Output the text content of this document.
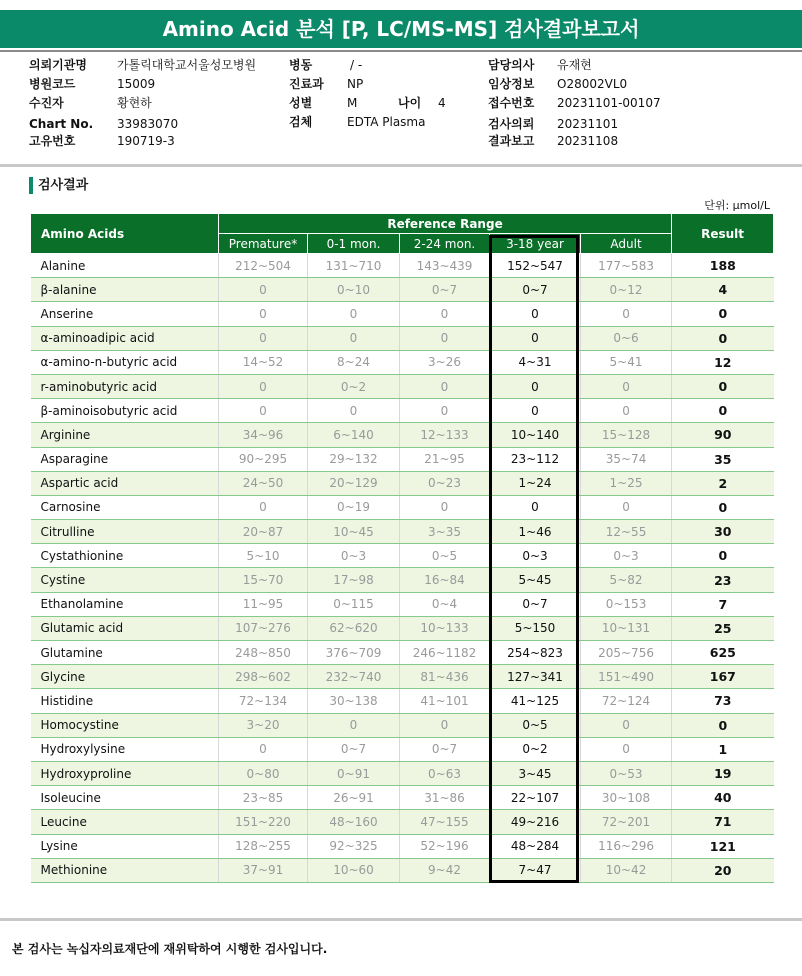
Amino Acid 분석 [P, LC/MS-MS] 검사결과보고서
의뢰기관명	가톨릭대학교서울성모병원
병원코드	15009
수진자	황현하
Chart No. 33983070
고유번호	190719-3
병동	/ -
진료과 NP
성별	M
검체	EDTA Plasma
나이 4
담당의사 유재현
임상정보 O28002VL0
접수번호 20231101-00107
검사의뢰 20231101
결과보고 20231108
검사결과
단위: μmol/L
Amino Acids	Reference Range					Result
	Premature*	0-1 mon.	2-24 mon.	3-18 year	Adult	
Alanine	212~504	131~710	143~439	152~547	177~583	188
β-alanine	0	0~10	0~7	0~7	0~12	4
Anserine	0	0	0	0	0	0
α-aminoadipic acid	0	0	0	0	0~6	0
α-amino-n-butyric acid	14~52	8~24	3~26	4~31	5~41	12
r-aminobutyric acid	0	0~2	0	0	0	0
β-aminoisobutyric acid	0	0	0	0	0	0
Arginine	34~96	6~140	12~133	10~140	15~128	90
Asparagine	90~295	29~132	21~95	23~112	35~74	35
Aspartic acid	24~50	20~129	0~23	1~24	1~25	2
Carnosine	0	0~19	0	0	0	0
Citrulline	20~87	10~45	3~35	1~46	12~55	30
Cystathionine	5~10	0~3	0~5	0~3	0~3	0
Cystine	15~70	17~98	16~84	5~45	5~82	23
Ethanolamine	11~95	0~115	0~4	0~7	0~153	7
Glutamic acid	107~276	62~620	10~133	5~150	10~131	25
Glutamine	248~850	376~709	246~1182	254~823	205~756	625
Glycine	298~602	232~740	81~436	127~341	151~490	167
Histidine	72~134	30~138	41~101	41~125	72~124	73
Homocystine	3~20	0	0	0~5	0	0
Hydroxylysine	0	0~7	0~7	0~2	0	1
Hydroxyproline	0~80	0~91	0~63	3~45	0~53	19
Isoleucine	23~85	26~91	31~86	22~107	30~108	40
Leucine	151~220	48~160	47~155	49~216	72~201	71
Lysine	128~255	92~325	52~196	48~284	116~296	121
Methionine	37~91	10~60	9~42	7~47	10~42	20
본 검사는 녹십자의료재단에 재위탁하여 시행한 검사입니다.
